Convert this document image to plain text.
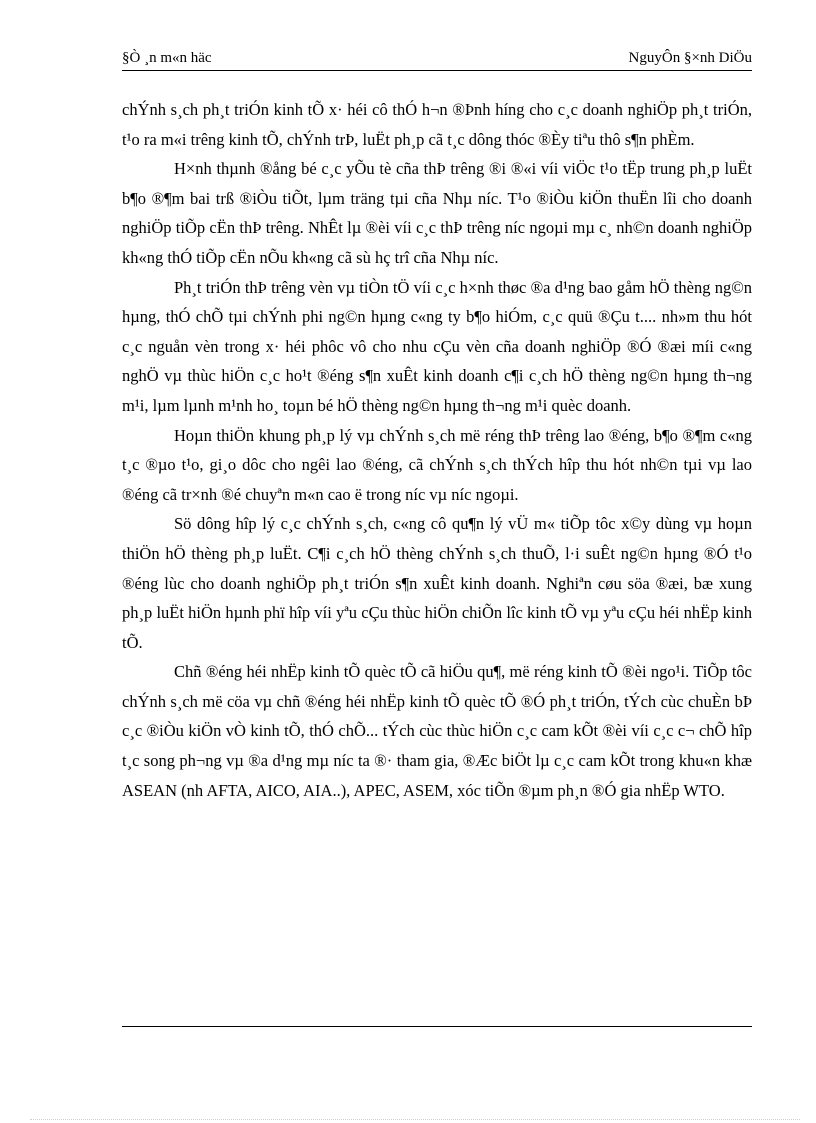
§Ò ¸n m«n häc	NguyÔn §×nh DiÖu

chÝnh s¸ch ph¸t triÓn kinh tÕ x· héi cô thÓ h¬n ®Þnh híng cho c¸c doanh nghiÖp ph¸t triÓn, t¹o ra m«i trêng kinh tÕ, chÝnh trÞ, luËt ph¸p cã t¸c dông thóc ®Èy tiªu thô s¶n phÈm.

H×nh thµnh ®ång bé c¸c yÕu tè cña thÞ trêng ®i ®«i víi viÖc t¹o tËp trung ph¸p luËt b¶o ®¶m bai trß ®iÒu tiÕt, lµm träng tµi cña Nhµ níc. T¹o ®iÒu kiÖn thuËn lîi cho doanh nghiÖp tiÕp cËn thÞ trêng. NhÊt lµ ®èi víi c¸c thÞ trêng níc ngoµi mµ c¸ nh©n doanh nghiÖp kh«ng thÓ tiÕp cËn nÕu kh«ng cã sù hç trî cña Nhµ níc.

Ph¸t triÓn thÞ trêng vèn vµ tiÒn tÖ víi c¸c h×nh thøc ®a d¹ng bao gåm hÖ thèng ng©n hµng, thÓ chÕ tµi chÝnh phi ng©n hµng c«ng ty b¶o hiÓm, c¸c quü ®Çu t.... nh»m thu hót c¸c nguån vèn trong x· héi phôc vô cho nhu cÇu vèn cña doanh nghiÖp ®Ó ®æi míi c«ng nghÖ vµ thùc hiÖn c¸c ho¹t ®éng s¶n xuÊt kinh doanh c¶i c¸ch hÖ thèng ng©n hµng th¬ng m¹i, lµm lµnh m¹nh ho¸ toµn bé hÖ thèng ng©n hµng th¬ng m¹i quèc doanh.

Hoµn thiÖn khung ph¸p lý vµ chÝnh s¸ch më réng thÞ trêng lao ®éng, b¶o ®¶m c«ng t¸c ®µo t¹o, gi¸o dôc cho ngêi lao ®éng, cã chÝnh s¸ch thÝch hîp thu hót nh©n tµi vµ lao ®éng cã tr×nh ®é chuyªn m«n cao ë trong níc vµ níc ngoµi.

Sö dông hîp lý c¸c chÝnh s¸ch, c«ng cô qu¶n lý vÜ m« tiÕp tôc x©y dùng vµ hoµn thiÖn hÖ thèng ph¸p luËt. C¶i c¸ch hÖ thèng chÝnh s¸ch thuÕ, l·i suÊt ng©n hµng ®Ó t¹o ®éng lùc cho doanh nghiÖp ph¸t triÓn s¶n xuÊt kinh doanh. Nghiªn cøu söa ®æi, bæ xung ph¸p luËt hiÖn hµnh phï hîp víi yªu cÇu thùc hiÖn chiÕn lîc kinh tÕ vµ yªu cÇu héi nhËp kinh tÕ.

Chñ ®éng héi nhËp kinh tÕ quèc tÕ cã hiÖu qu¶, më réng kinh tÕ ®èi ngo¹i. TiÕp tôc chÝnh s¸ch më cöa vµ chñ ®éng héi nhËp kinh tÕ quèc tÕ ®Ó ph¸t triÓn, tÝch cùc chuÈn bÞ c¸c ®iÒu kiÖn vÒ kinh tÕ, thÓ chÕ... tÝch cùc thùc hiÖn c¸c cam kÕt ®èi víi c¸c c¬ chÕ hîp t¸c song ph¬ng vµ ®a d¹ng mµ níc ta ®· tham gia, ®Æc biÖt lµ c¸c cam kÕt trong khu«n khæ ASEAN (nh AFTA, AICO, AIA..), APEC, ASEM, xóc tiÕn ®µm ph¸n ®Ó gia nhËp WTO.
